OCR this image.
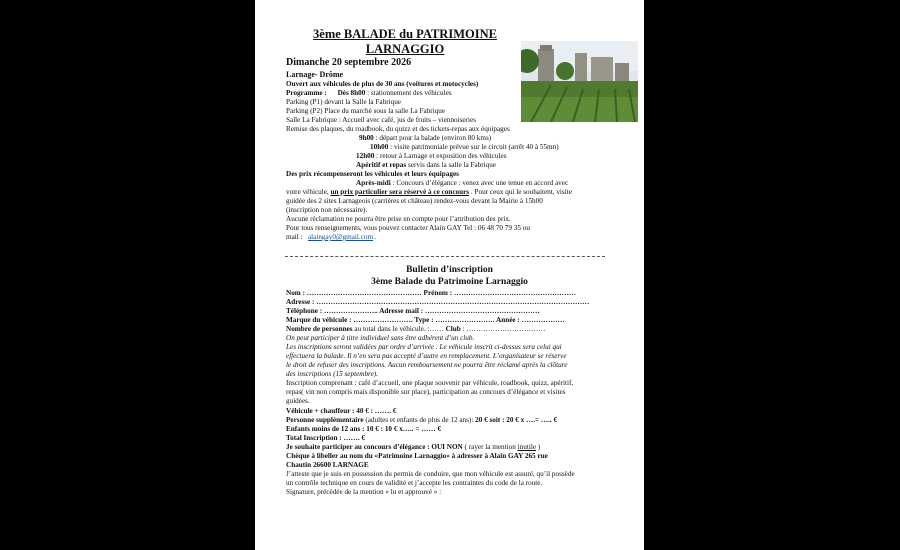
3ème BALADE du PATRIMOINE
LARNAGGIO
Dimanche 20 septembre 2026
Larnage- Drôme
Ouvert aux véhicules de plus de 30 ans (voitures et motocycles)
Programme : Dès 8h00 : stationnement des véhicules
Parking (P1) devant la Salle la Fabrique
Parking (P2) Place du marché sous la salle La Fabrique
Salle La Fabrique : Accueil avec café, jus de fruits – viennoiseries
Remise des plaques, du roadbook, du quizz et des tickets-repas aux équipages
9h00 : départ pour la balade (environ 80 kms)
10h00 : visite patrimoniale prévue sur le circuit (arrêt 40 à 55mn)
12h00 : retour à Larnage et exposition des véhicules
Apéritif et repas servis dans la salle la Fabrique
Des prix récompenseront les véhicules et leurs équipages
Après-midi : Concours d’élégance : venez avec une tenue en accord avec
votre véhicule, un prix particulier sera réservé à ce concours . Pour ceux qui le souhaitent, visite
guidée des 2 sites Larnageois (carrières et château) rendez-vous devant la Mairie à 15h00
(inscription non nécessaire).
Aucune réclamation ne pourra être prise en compte pour l’attribution des prix.
Pour tous renseignements, vous pouvez contacter Alain GAY Tel : 06 48 70 79 35 ou
mail :   alaingay0@gmail.com .
Bulletin d’inscription
3ème Balade du Patrimoine Larnaggio
Nom : ………………………………………… Prénom : ……………………………………………
Adresse : ……………………………………………………………………………………………………
Téléphone : ………………….. Adresse mail : …………………………………………
Marque du véhicule : ……………………. Type : ……………………. Année : ………………
Nombre de personnes au total dans le véhicule. :…… Club : ……………………………
On peut participer à titre individuel sans être adhérent d’un club.
Les inscriptions seront validées par ordre d’arrivée . Le véhicule inscrit ci-dessus sera celui qui
effectuera la balade. Il n’en sera pas accepté d’autre en remplacement. L’organisateur se réserve
le droit de refuser des inscriptions. Aucun remboursement ne pourra être réclamé après la clôture
des inscriptions (15 septembre).
Inscription comprenant : café d’accueil, une plaque souvenir par véhicule, roadbook, quizz, apéritif,
repas( vin non compris mais disponible sur place), participation au concours d’élégance et visites
guidées.
Véhicule + chauffeur : 40 € : ……. €
Personne supplémentaire (adultes et enfants de plus de 12 ans): 20 € soit : 20 € x ….= ….. €
Enfants moins de 12 ans : 10 € : 10 € x….. = …… €
Total Inscription : ……. €
Je souhaite participer au concours d’élégance : OUI NON ( rayer la mention inutile )
Chèque à libeller au nom du «Patrimoine Larnaggio» à adresser à Alain GAY 265 rue
Chautin 26600 LARNAGE
J’atteste que je suis en possession du permis de conduire, que mon véhicule est assuré, qu’il possède
un contrôle technique en cours de validité et j’accepte les contraintes du code de la route.
Signature, précédée de la mention « lu et approuvé » :
